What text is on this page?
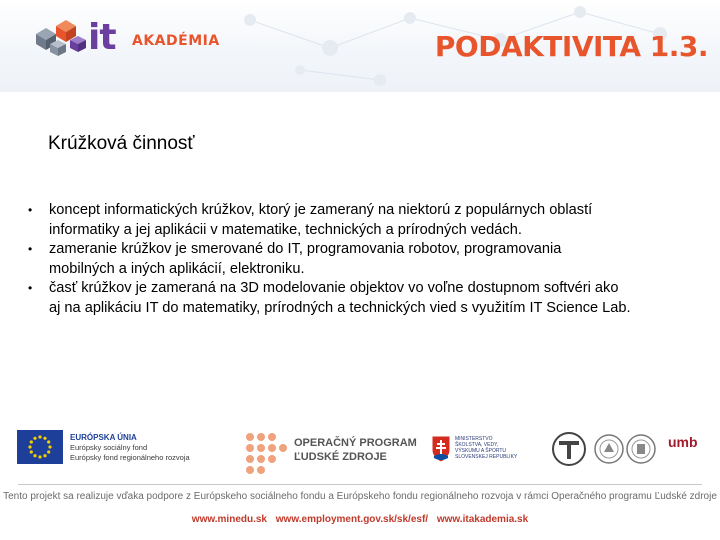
it AKADÉMIA	PODAKTIVITA 1.3.
Krúžková činnosť
• koncept informatických krúžkov, ktorý je zameraný na niektorú z populárnych oblastí
informatiky a jej aplikácii v matematike, technických a prírodných vedách.
• zameranie krúžkov je smerované do IT, programovania robotov, programovania
mobilných a iných aplikácií, elektroniku.
• časť krúžkov je zameraná na 3D modelovanie objektov vo voľne dostupnom softvéri ako
aj na aplikáciu IT do matematiky, prírodných a technických vied s využitím IT Science Lab.
EURÓPSKA ÚNIA
Európsky sociálny fond
Európsky fond regionálneho rozvoja
OPERAČNÝ PROGRAM
ĽUDSKÉ ZDROJE
MINISTERSTVO
ŠKOLSTVA, VEDY,
VÝSKUMU A ŠPORTU
SLOVENSKEJ REPUBLIKY
umb
Tento projekt sa realizuje vďaka podpore z Európskeho sociálneho fondu a Európskeho fondu regionálneho rozvoja v rámci Operačného programu Ľudské zdroje
www.minedu.sk www.employment.gov.sk/sk/esf/ www.itakademia.sk
